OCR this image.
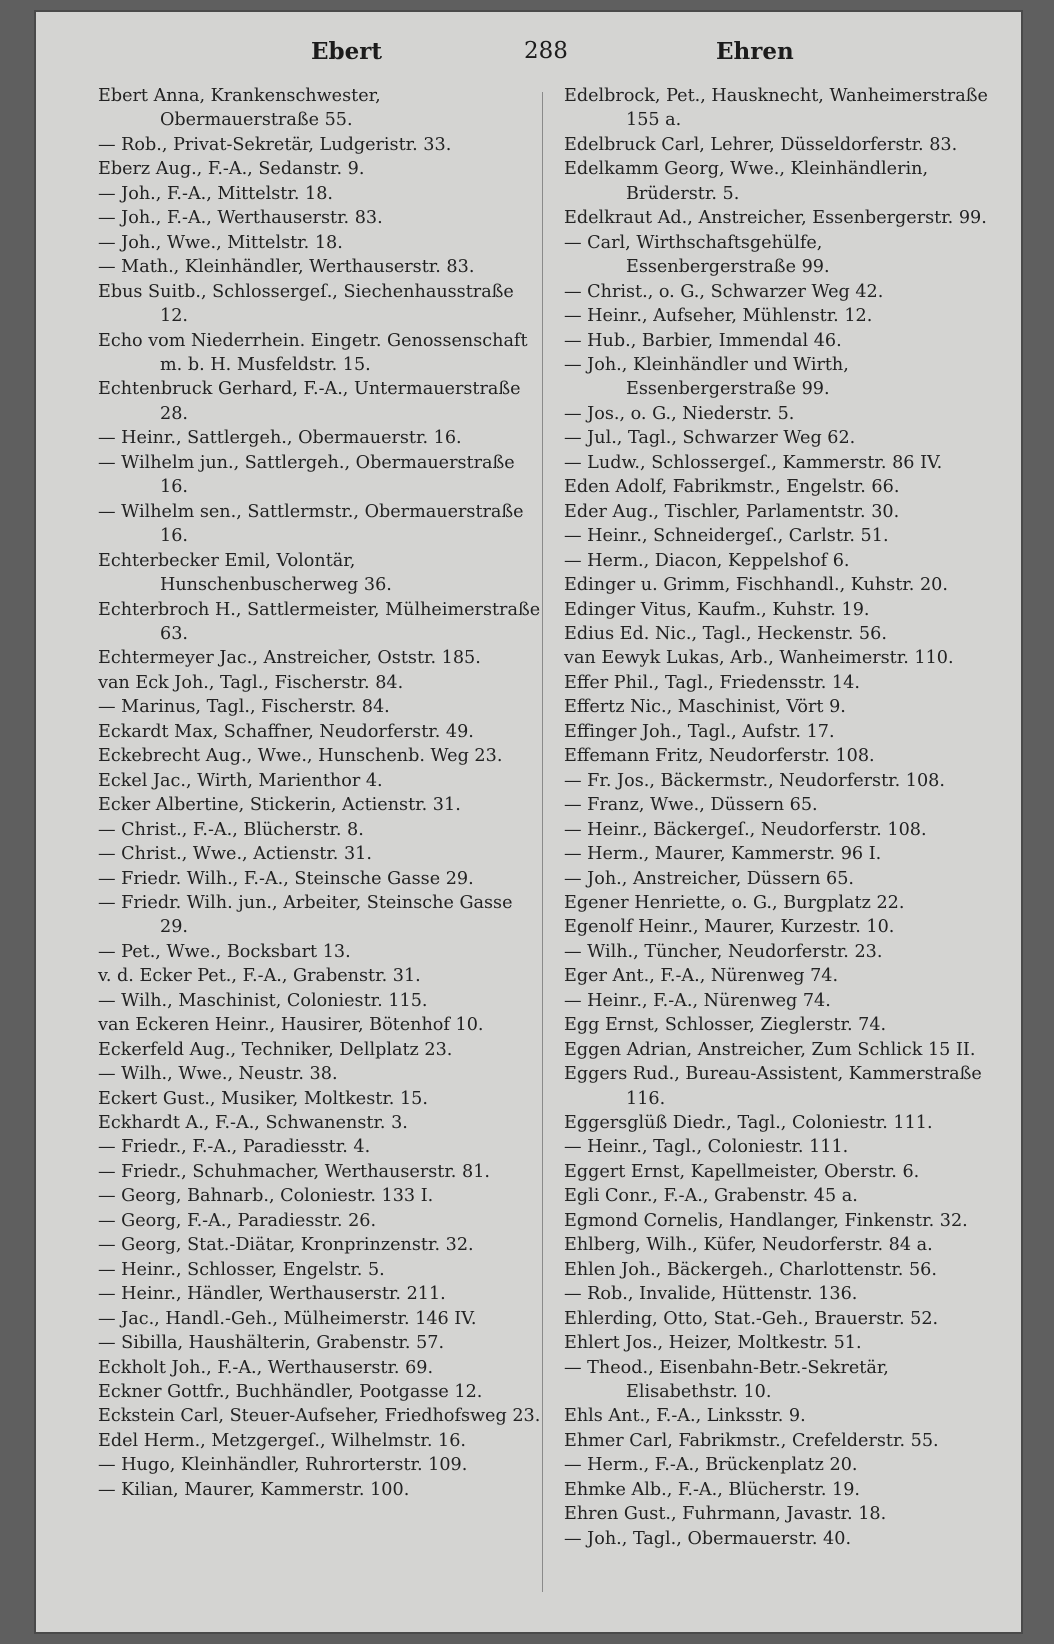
Ebert	288	Ehren

Ebert Anna, Krankenschwester, Obermauerstraße 55.

— Rob., Privat-Sekretär, Ludgeristr. 33.

Eberz Aug., F.-A., Sedanstr. 9.

— Joh., F.-A., Mittelstr. 18.

— Joh., F.-A., Werthauserstr. 83.

— Joh., Wwe., Mittelstr. 18.

— Math., Kleinhändler, Werthauserstr. 83.

Ebus Suitb., Schlossergeſ., Siechenhausstraße 12.

Echo vom Niederrhein. Eingetr. Genossenschaft m. b. H. Musfeldstr. 15.

Echtenbruck Gerhard, F.-A., Untermauerstraße 28.

— Heinr., Sattlergeh., Obermauerstr. 16.

— Wilhelm jun., Sattlergeh., Obermauerstraße 16.

— Wilhelm sen., Sattlermstr., Obermauerstraße 16.

Echterbecker Emil, Volontär, Hunschenbuscherweg 36.

Echterbroch H., Sattlermeister, Mülheimerstraße 63.

Echtermeyer Jac., Anstreicher, Oststr. 185.

van Eck Joh., Tagl., Fischerstr. 84.

— Marinus, Tagl., Fischerstr. 84.

Eckardt Max, Schaffner, Neudorferstr. 49.

Eckebrecht Aug., Wwe., Hunschenb. Weg 23.

Eckel Jac., Wirth, Marienthor 4.

Ecker Albertine, Stickerin, Actienstr. 31.

— Christ., F.-A., Blücherstr. 8.

— Christ., Wwe., Actienstr. 31.

— Friedr. Wilh., F.-A., Steinsche Gasse 29.

— Friedr. Wilh. jun., Arbeiter, Steinsche Gasse 29.

— Pet., Wwe., Bocksbart 13.

v. d. Ecker Pet., F.-A., Grabenstr. 31.

— Wilh., Maschinist, Coloniestr. 115.

van Eckeren Heinr., Hausirer, Bötenhof 10.

Eckerfeld Aug., Techniker, Dellplatz 23.

— Wilh., Wwe., Neustr. 38.

Eckert Gust., Musiker, Moltkestr. 15.

Eckhardt A., F.-A., Schwanenstr. 3.

— Friedr., F.-A., Paradiesstr. 4.

— Friedr., Schuhmacher, Werthauserstr. 81.

— Georg, Bahnarb., Coloniestr. 133 I.

— Georg, F.-A., Paradiesstr. 26.

— Georg, Stat.-Diätar, Kronprinzenstr. 32.

— Heinr., Schlosser, Engelstr. 5.

— Heinr., Händler, Werthauserstr. 211.

— Jac., Handl.-Geh., Mülheimerstr. 146 IV.

— Sibilla, Haushälterin, Grabenstr. 57.

Eckholt Joh., F.-A., Werthauserstr. 69.

Eckner Gottfr., Buchhändler, Pootgasse 12.

Eckstein Carl, Steuer-Aufseher, Friedhofsweg 23.

Edel Herm., Metzgergeſ., Wilhelmstr. 16.

— Hugo, Kleinhändler, Ruhrorterstr. 109.

— Kilian, Maurer, Kammerstr. 100.

Edelbrock, Pet., Hausknecht, Wanheimerstraße 155 a.

Edelbruck Carl, Lehrer, Düsseldorferstr. 83.

Edelkamm Georg, Wwe., Kleinhändlerin, Brüderstr. 5.

Edelkraut Ad., Anstreicher, Essenbergerstr. 99.

— Carl, Wirthschaftsgehülfe, Essenbergerstraße 99.

— Christ., o. G., Schwarzer Weg 42.

— Heinr., Aufseher, Mühlenstr. 12.

— Hub., Barbier, Immendal 46.

— Joh., Kleinhändler und Wirth, Essenbergerstraße 99.

— Jos., o. G., Niederstr. 5.

— Jul., Tagl., Schwarzer Weg 62.

— Ludw., Schlossergeſ., Kammerstr. 86 IV.

Eden Adolf, Fabrikmstr., Engelstr. 66.

Eder Aug., Tischler, Parlamentstr. 30.

— Heinr., Schneidergeſ., Carlstr. 51.

— Herm., Diacon, Keppelshof 6.

Edinger u. Grimm, Fischhandl., Kuhstr. 20.

Edinger Vitus, Kaufm., Kuhstr. 19.

Edius Ed. Nic., Tagl., Heckenstr. 56.

van Eewyk Lukas, Arb., Wanheimerstr. 110.

Effer Phil., Tagl., Friedensstr. 14.

Effertz Nic., Maschinist, Vört 9.

Effinger Joh., Tagl., Aufstr. 17.

Effemann Fritz, Neudorferstr. 108.

— Fr. Jos., Bäckermstr., Neudorferstr. 108.

— Franz, Wwe., Düssern 65.

— Heinr., Bäckergeſ., Neudorferstr. 108.

— Herm., Maurer, Kammerstr. 96 I.

— Joh., Anstreicher, Düssern 65.

Egener Henriette, o. G., Burgplatz 22.

Egenolf Heinr., Maurer, Kurzestr. 10.

— Wilh., Tüncher, Neudorferstr. 23.

Eger Ant., F.-A., Nürenweg 74.

— Heinr., F.-A., Nürenweg 74.

Egg Ernst, Schlosser, Zieglerstr. 74.

Eggen Adrian, Anstreicher, Zum Schlick 15 II.

Eggers Rud., Bureau-Assistent, Kammerstraße 116.

Eggersglüß Diedr., Tagl., Coloniestr. 111.

— Heinr., Tagl., Coloniestr. 111.

Eggert Ernst, Kapellmeister, Oberstr. 6.

Egli Conr., F.-A., Grabenstr. 45 a.

Egmond Cornelis, Handlanger, Finkenstr. 32.

Ehlberg, Wilh., Küfer, Neudorferstr. 84 a.

Ehlen Joh., Bäckergeh., Charlottenstr. 56.

— Rob., Invalide, Hüttenstr. 136.

Ehlerding, Otto, Stat.-Geh., Brauerstr. 52.

Ehlert Jos., Heizer, Moltkestr. 51.

— Theod., Eisenbahn-Betr.-Sekretär, Elisabethstr. 10.

Ehls Ant., F.-A., Linksstr. 9.

Ehmer Carl, Fabrikmstr., Crefelderstr. 55.

— Herm., F.-A., Brückenplatz 20.

Ehmke Alb., F.-A., Blücherstr. 19.

Ehren Gust., Fuhrmann, Javastr. 18.

— Joh., Tagl., Obermauerstr. 40.
